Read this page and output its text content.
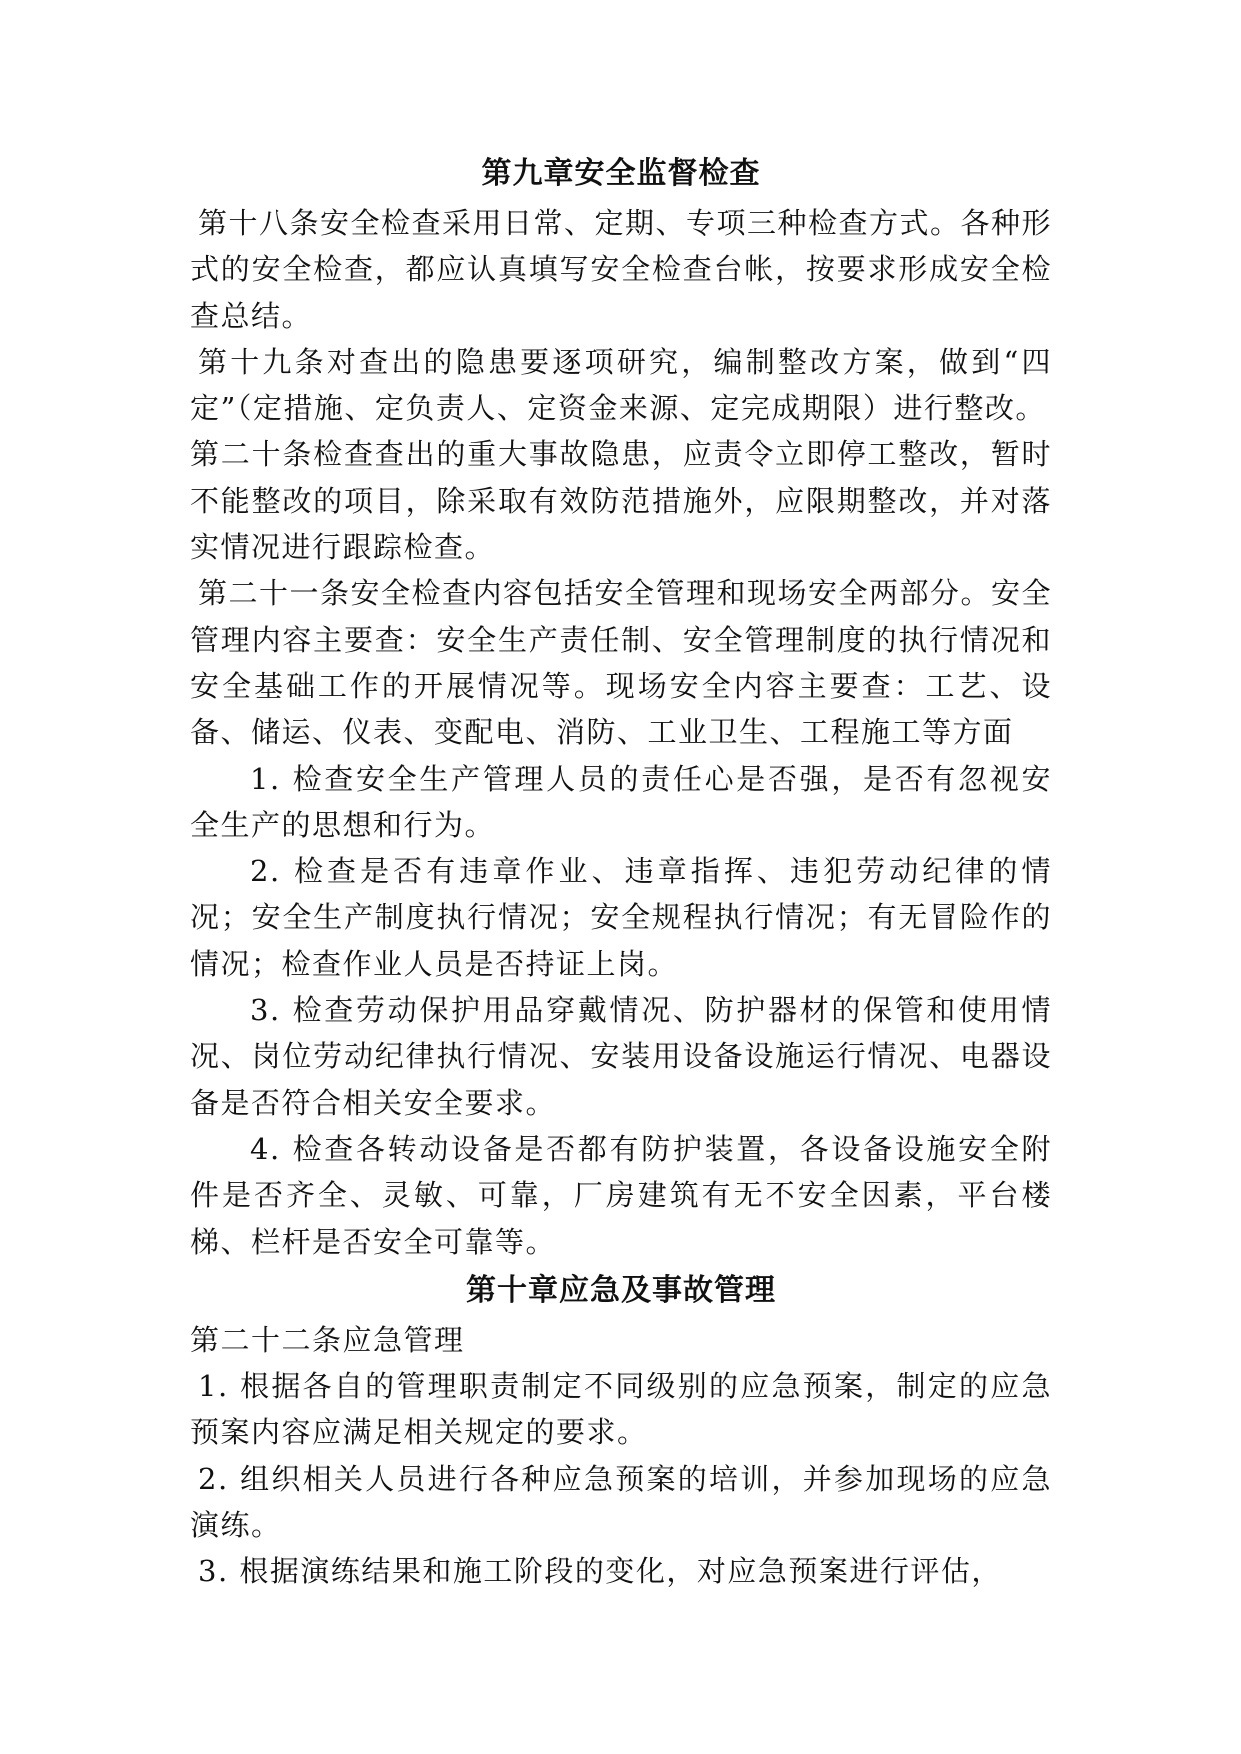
第九章安全监督检查

第十八条安全检查采用日常、定期、专项三种检查方式。各种形式的安全检查，都应认真填写安全检查台帐，按要求形成安全检查总结。

第十九条对查出的隐患要逐项研究，编制整改方案，做到“四定”（定措施、定负责人、定资金来源、定完成期限）进行整改。

第二十条检查查出的重大事故隐患，应责令立即停工整改，暂时不能整改的项目，除采取有效防范措施外，应限期整改，并对落实情况进行跟踪检查。

第二十一条安全检查内容包括安全管理和现场安全两部分。安全管理内容主要查：安全生产责任制、安全管理制度的执行情况和安全基础工作的开展情况等。现场安全内容主要查：工艺、设备、储运、仪表、变配电、消防、工业卫生、工程施工等方面

1. 检查安全生产管理人员的责任心是否强，是否有忽视安全生产的思想和行为。

2. 检查是否有违章作业、违章指挥、违犯劳动纪律的情况；安全生产制度执行情况；安全规程执行情况；有无冒险作的情况；检查作业人员是否持证上岗。

3. 检查劳动保护用品穿戴情况、防护器材的保管和使用情况、岗位劳动纪律执行情况、安装用设备设施运行情况、电器设备是否符合相关安全要求。

4. 检查各转动设备是否都有防护装置，各设备设施安全附件是否齐全、灵敏、可靠，厂房建筑有无不安全因素，平台楼梯、栏杆是否安全可靠等。

第十章应急及事故管理

第二十二条应急管理

1. 根据各自的管理职责制定不同级别的应急预案，制定的应急预案内容应满足相关规定的要求。

2. 组织相关人员进行各种应急预案的培训，并参加现场的应急演练。

3. 根据演练结果和施工阶段的变化，对应急预案进行评估，
